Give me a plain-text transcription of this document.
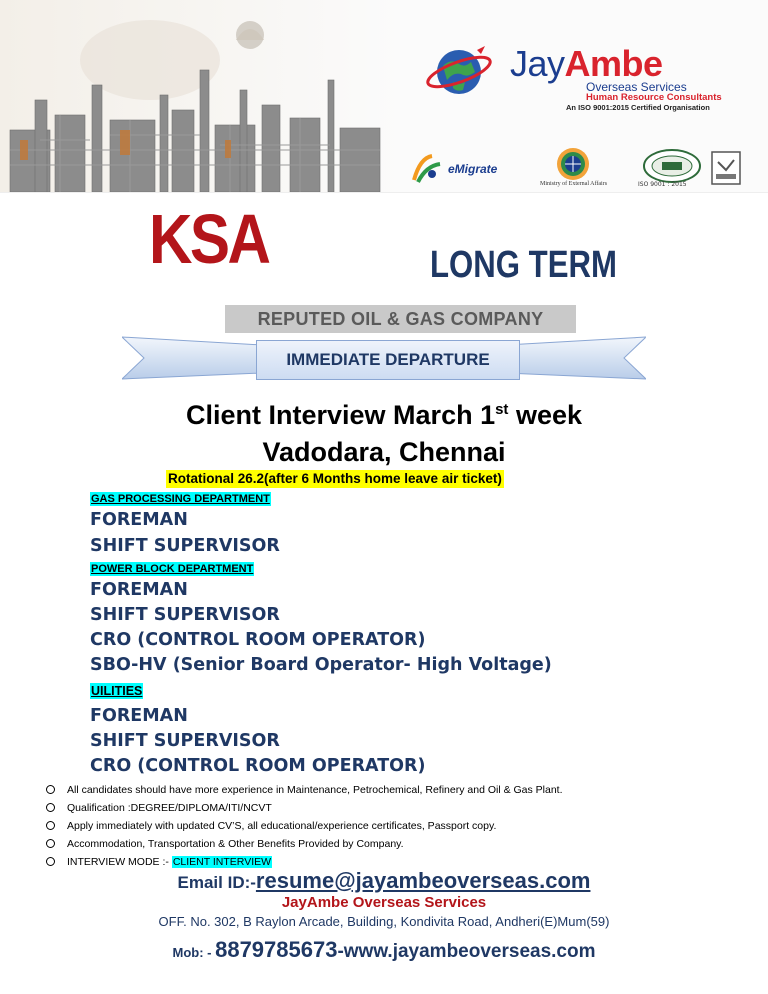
JayAmbe
Overseas Services
Human Resource Consultants
An ISO 9001:2015 Certified Organisation
eMigrate
Ministry of External Affairs	ISO 9001 : 2015
KSA	LONG TERM
REPUTED OIL & GAS COMPANY
IMMEDIATE DEPARTURE
Client Interview March 1st week
Vadodara, Chennai
Rotational 26.2(after 6 Months home leave air ticket)
GAS PROCESSING DEPARTMENT
FOREMAN
SHIFT SUPERVISOR
POWER BLOCK DEPARTMENT
FOREMAN
SHIFT SUPERVISOR
CRO (CONTROL ROOM OPERATOR)
SBO-HV (Senior Board Operator- High Voltage)
UILITIES
FOREMAN
SHIFT SUPERVISOR
CRO (CONTROL ROOM OPERATOR)
All candidates should have more experience in Maintenance, Petrochemical, Refinery and Oil & Gas Plant.
Qualification :DEGREE/DIPLOMA/ITI/NCVT
Apply immediately with updated CV’S, all educational/experience certificates, Passport copy.
Accommodation, Transportation & Other Benefits Provided by Company.
INTERVIEW MODE :- CLIENT INTERVIEW
Email ID:-resume@jayambeoverseas.com
JayAmbe Overseas Services
OFF. No. 302, B Raylon Arcade, Building, Kondivita Road, Andheri(E)Mum(59)
Mob: - 8879785673-www.jayambeoverseas.com
